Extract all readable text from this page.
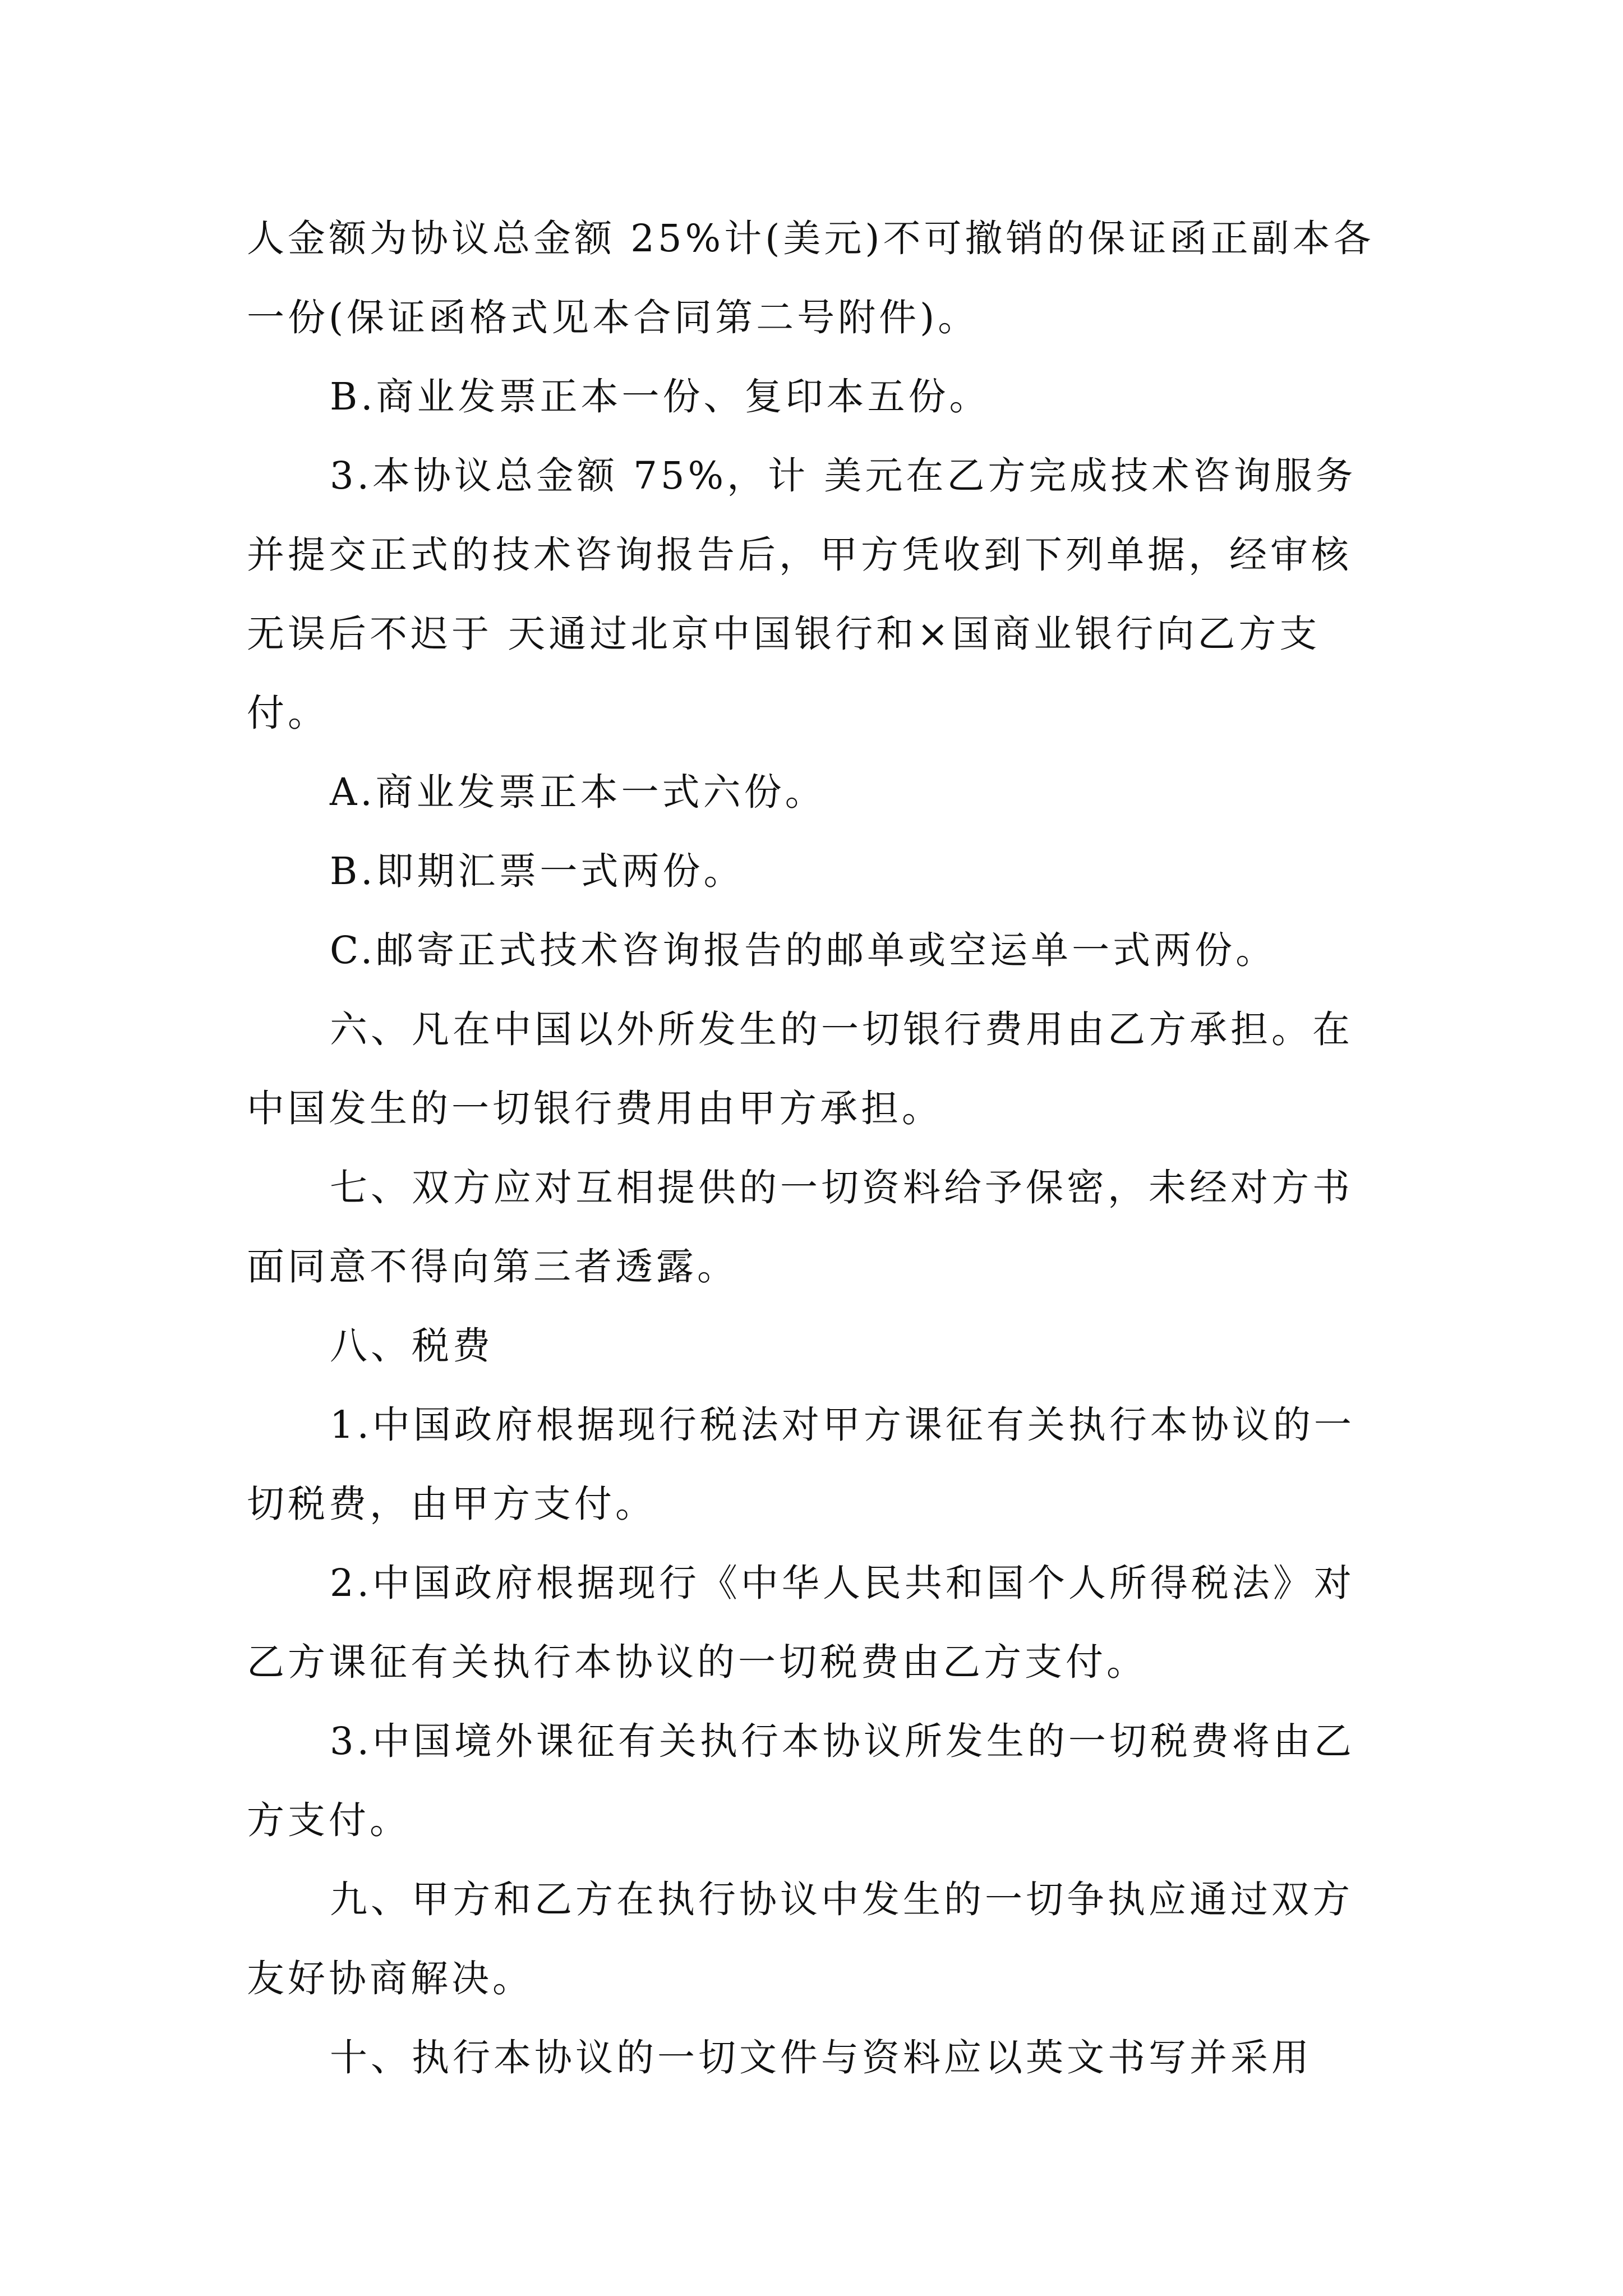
人金额为协议总金额 25%计(美元)不可撤销的保证函正副本各一份(保证函格式见本合同第二号附件)。

B.商业发票正本一份、复印本五份。

3.本协议总金额 75%，计 美元在乙方完成技术咨询服务并提交正式的技术咨询报告后，甲方凭收到下列单据，经审核无误后不迟于 天通过北京中国银行和×国商业银行向乙方支付。

A.商业发票正本一式六份。

B.即期汇票一式两份。

C.邮寄正式技术咨询报告的邮单或空运单一式两份。

六、凡在中国以外所发生的一切银行费用由乙方承担。在中国发生的一切银行费用由甲方承担。

七、双方应对互相提供的一切资料给予保密，未经对方书面同意不得向第三者透露。

八、税费

1.中国政府根据现行税法对甲方课征有关执行本协议的一切税费，由甲方支付。

2.中国政府根据现行《中华人民共和国个人所得税法》对乙方课征有关执行本协议的一切税费由乙方支付。

3.中国境外课征有关执行本协议所发生的一切税费将由乙方支付。

九、甲方和乙方在执行协议中发生的一切争执应通过双方友好协商解决。

十、执行本协议的一切文件与资料应以英文书写并采用
